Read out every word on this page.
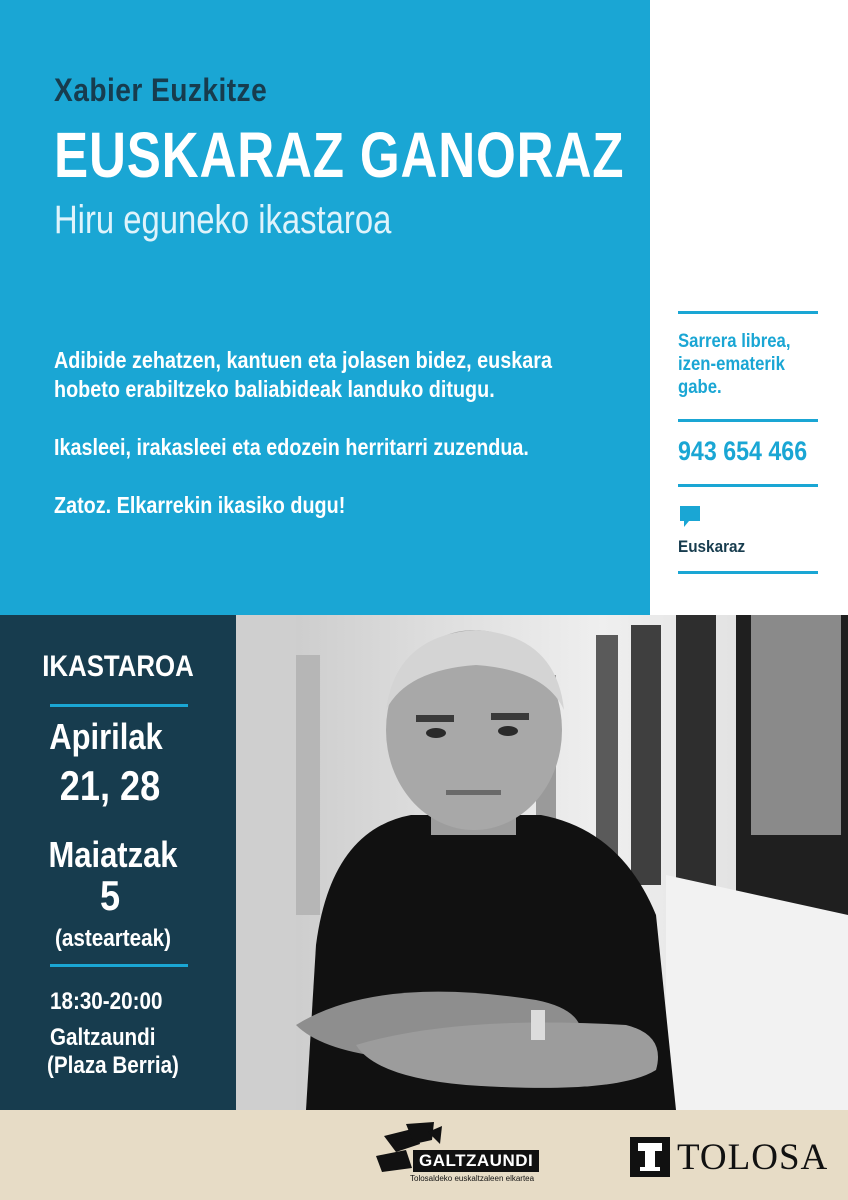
Xabier Euzkitze
EUSKARAZ GANORAZ
Hiru eguneko ikastaroa

Adibide zehatzen, kantuen eta jolasen bidez, euskara hobeto erabiltzeko baliabideak landuko ditugu.

Ikasleei, irakasleei eta edozein herritarri zuzendua.

Zatoz. Elkarrekin ikasiko dugu!

Sarrera librea, izen-ematerik gabe.
943 654 466
Euskaraz
IKASTAROA
Apirilak
21, 28
Maiatzak
5
(astearteak)
18:30-20:00
Galtzaundi
(Plaza Berria)
GALTZAUNDI
Tolosaldeko euskaltzaleen elkartea
TOLOSA
